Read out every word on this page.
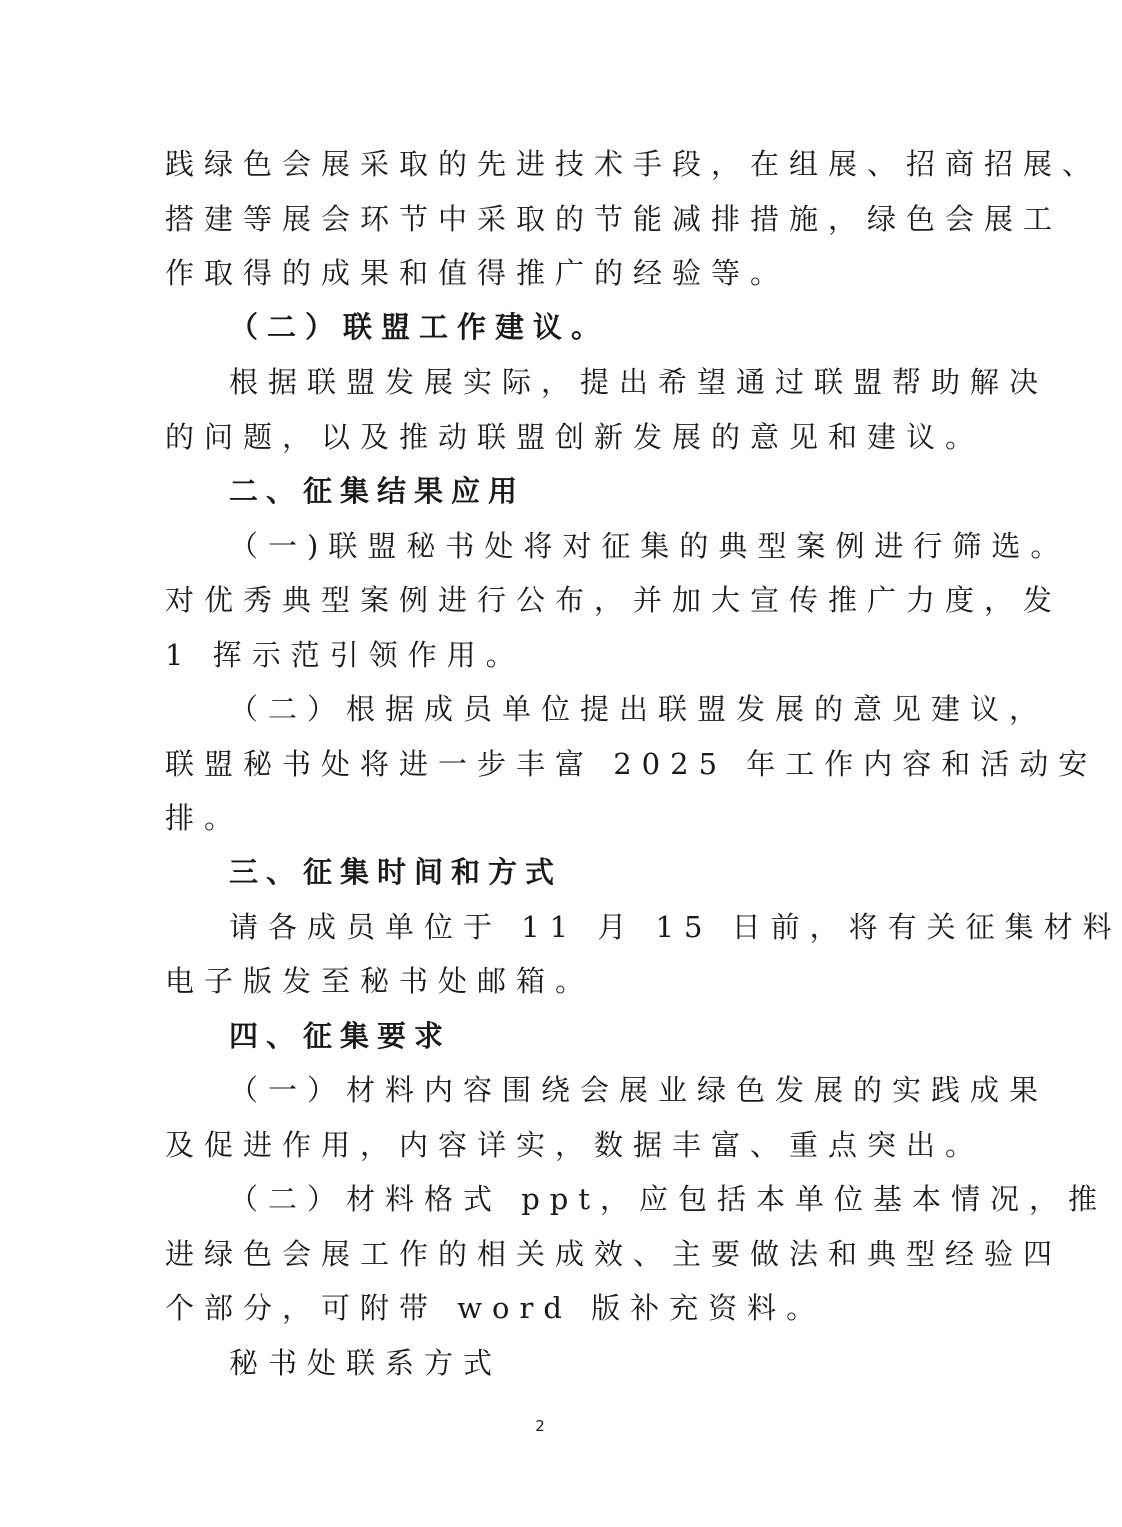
践绿色会展采取的先进技术手段，在组展、招商招展、
搭建等展会环节中采取的节能减排措施，绿色会展工
作取得的成果和值得推广的经验等。
（二）联盟工作建议。
根据联盟发展实际，提出希望通过联盟帮助解决
的问题，以及推动联盟创新发展的意见和建议。
二、征集结果应用
（一)联盟秘书处将对征集的典型案例进行筛选。
对优秀典型案例进行公布，并加大宣传推广力度，发
1 挥示范引领作用。
（二）根据成员单位提出联盟发展的意见建议，
联盟秘书处将进一步丰富 2025 年工作内容和活动安
排。
三、征集时间和方式
请各成员单位于 11 月 15 日前，将有关征集材料
电子版发至秘书处邮箱。
四、征集要求
（一）材料内容围绕会展业绿色发展的实践成果
及促进作用，内容详实，数据丰富、重点突出。
（二）材料格式 ppt，应包括本单位基本情况，推
进绿色会展工作的相关成效、主要做法和典型经验四
个部分，可附带 word 版补充资料。
秘书处联系方式
2
